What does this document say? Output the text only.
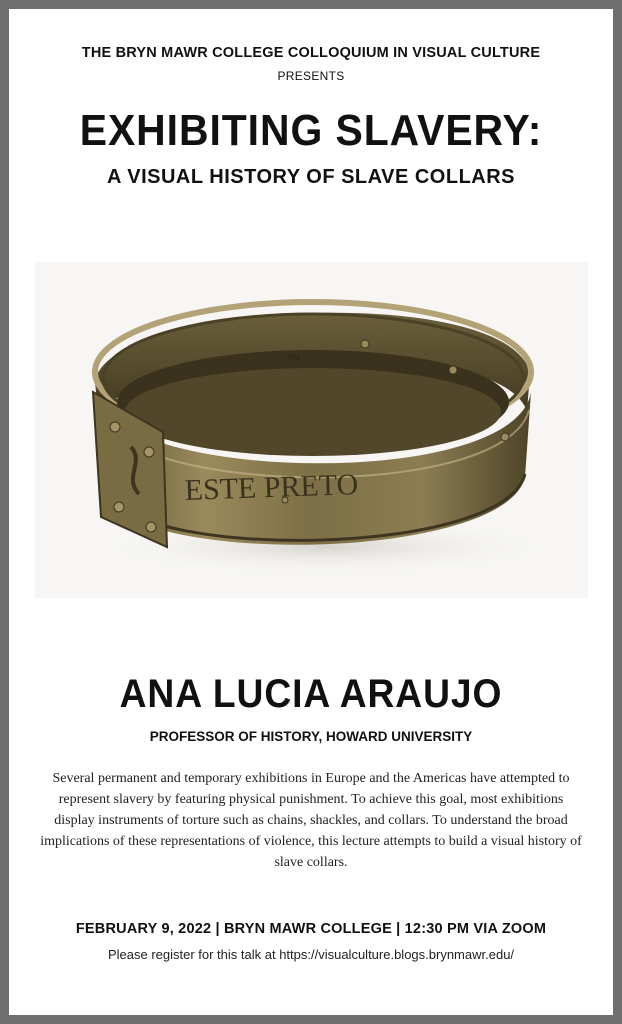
THE BRYN MAWR COLLEGE COLLOQUIUM IN VISUAL CULTURE
PRESENTS
EXHIBITING SLAVERY:
A VISUAL HISTORY OF SLAVE COLLARS
ESTE PRETO
des
ANA LUCIA ARAUJO
PROFESSOR OF HISTORY, HOWARD UNIVERSITY
Several permanent and temporary exhibitions in Europe and the Americas have attempted to represent slavery by featuring physical punishment. To achieve this goal, most exhibitions display instruments of torture such as chains, shackles, and collars. To understand the broad implications of these representations of violence, this lecture attempts to build a visual history of slave collars.
FEBRUARY 9, 2022 | BRYN MAWR COLLEGE | 12:30 PM VIA ZOOM
Please register for this talk at https://visualculture.blogs.brynmawr.edu/
